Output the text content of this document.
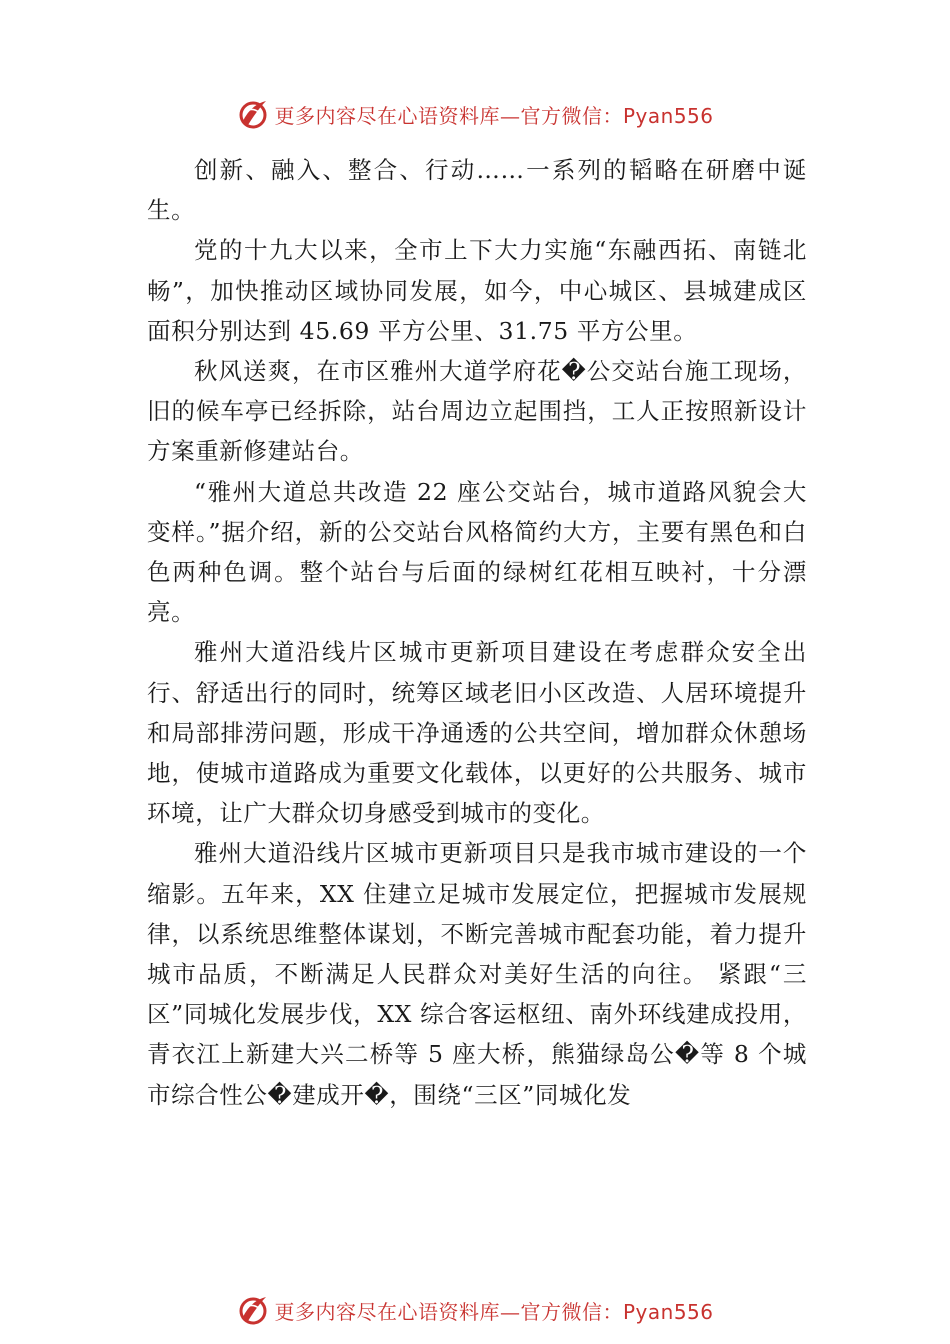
更多内容尽在心语资料库—官方微信：Pyan556

创新、融入、整合、行动……一系列的韬略在研磨中诞生。

党的十九大以来，全市上下大力实施“东融西拓、南链北畅”，加快推动区域协同发展，如今，中心城区、县城建成区面积分别达到 45.69 平方公里、31.75 平方公里。

秋风送爽，在市区雅州大道学府花�公交站台施工现场，旧的候车亭已经拆除，站台周边立起围挡，工人正按照新设计方案重新修建站台。

“雅州大道总共改造 22 座公交站台，城市道路风貌会大变样。”据介绍，新的公交站台风格简约大方，主要有黑色和白色两种色调。整个站台与后面的绿树红花相互映衬，十分漂亮。

雅州大道沿线片区城市更新项目建设在考虑群众安全出行、舒适出行的同时，统筹区域老旧小区改造、人居环境提升和局部排涝问题，形成干净通透的公共空间，增加群众休憩场地，使城市道路成为重要文化载体，以更好的公共服务、城市环境，让广大群众切身感受到城市的变化。

雅州大道沿线片区城市更新项目只是我市城市建设的一个缩影。五年来，XX 住建立足城市发展定位，把握城市发展规律，以系统思维整体谋划，不断完善城市配套功能，着力提升城市品质，不断满足人民群众对美好生活的向往。 紧跟“三区”同城化发展步伐，XX 综合客运枢纽、南外环线建成投用，青衣江上新建大兴二桥等 5 座大桥，熊猫绿岛公�等 8 个城市综合性公�建成开�，围绕“三区”同城化发

更多内容尽在心语资料库—官方微信：Pyan556
